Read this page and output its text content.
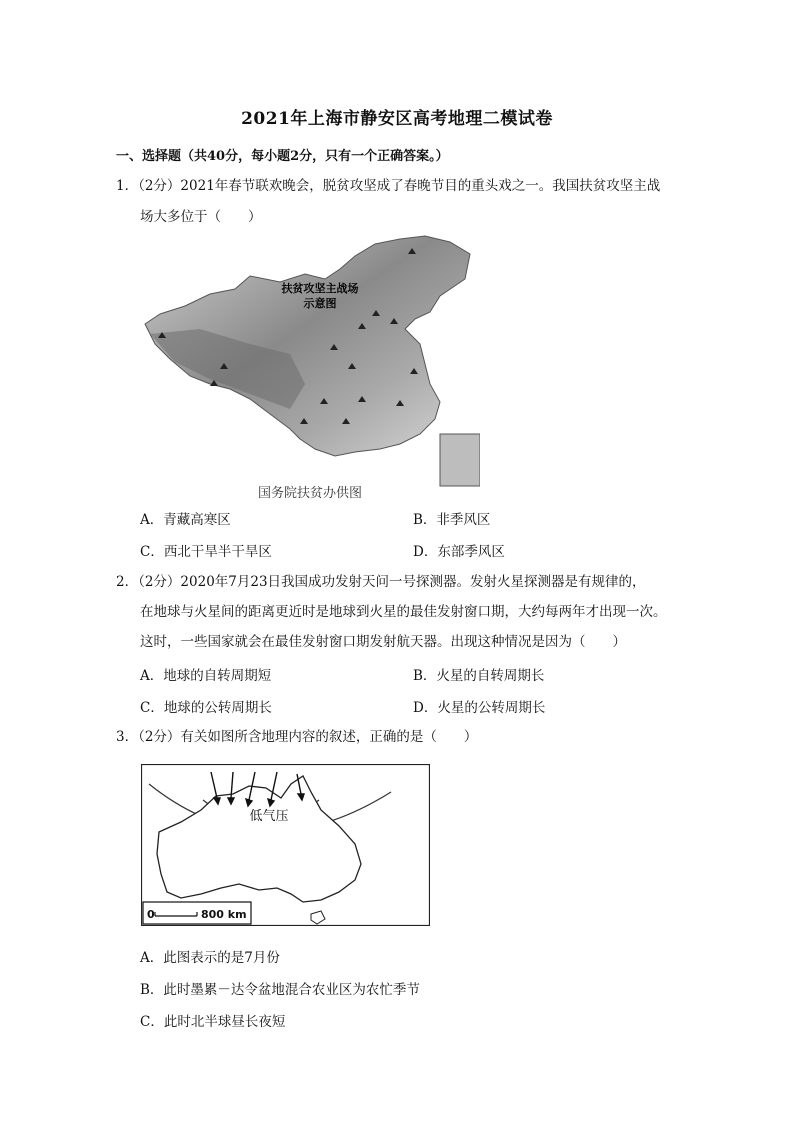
2021年上海市静安区高考地理二模试卷
一、选择题（共40分，每小题2分，只有一个正确答案。）
1．（2分）2021年春节联欢晚会，脱贫攻坚成了春晚节目的重头戏之一。我国扶贫攻坚主战
场大多位于（　　）
扶贫攻坚主战场
示意图
国务院扶贫办供图
A．青藏高寒区	B．非季风区
C．西北干旱半干旱区	D．东部季风区
2．（2分）2020年7月23日我国成功发射天问一号探测器。发射火星探测器是有规律的，
在地球与火星间的距离更近时是地球到火星的最佳发射窗口期，大约每两年才出现一次。
这时，一些国家就会在最佳发射窗口期发射航天器。出现这种情况是因为（　　）
A．地球的自转周期短	B．火星的自转周期长
C．地球的公转周期长	D．火星的公转周期长
3．（2分）有关如图所含地理内容的叙述，正确的是（　　）
低气压
0	800 km
A．此图表示的是7月份
B．此时墨累－达令盆地混合农业区为农忙季节
C．此时北半球昼长夜短
